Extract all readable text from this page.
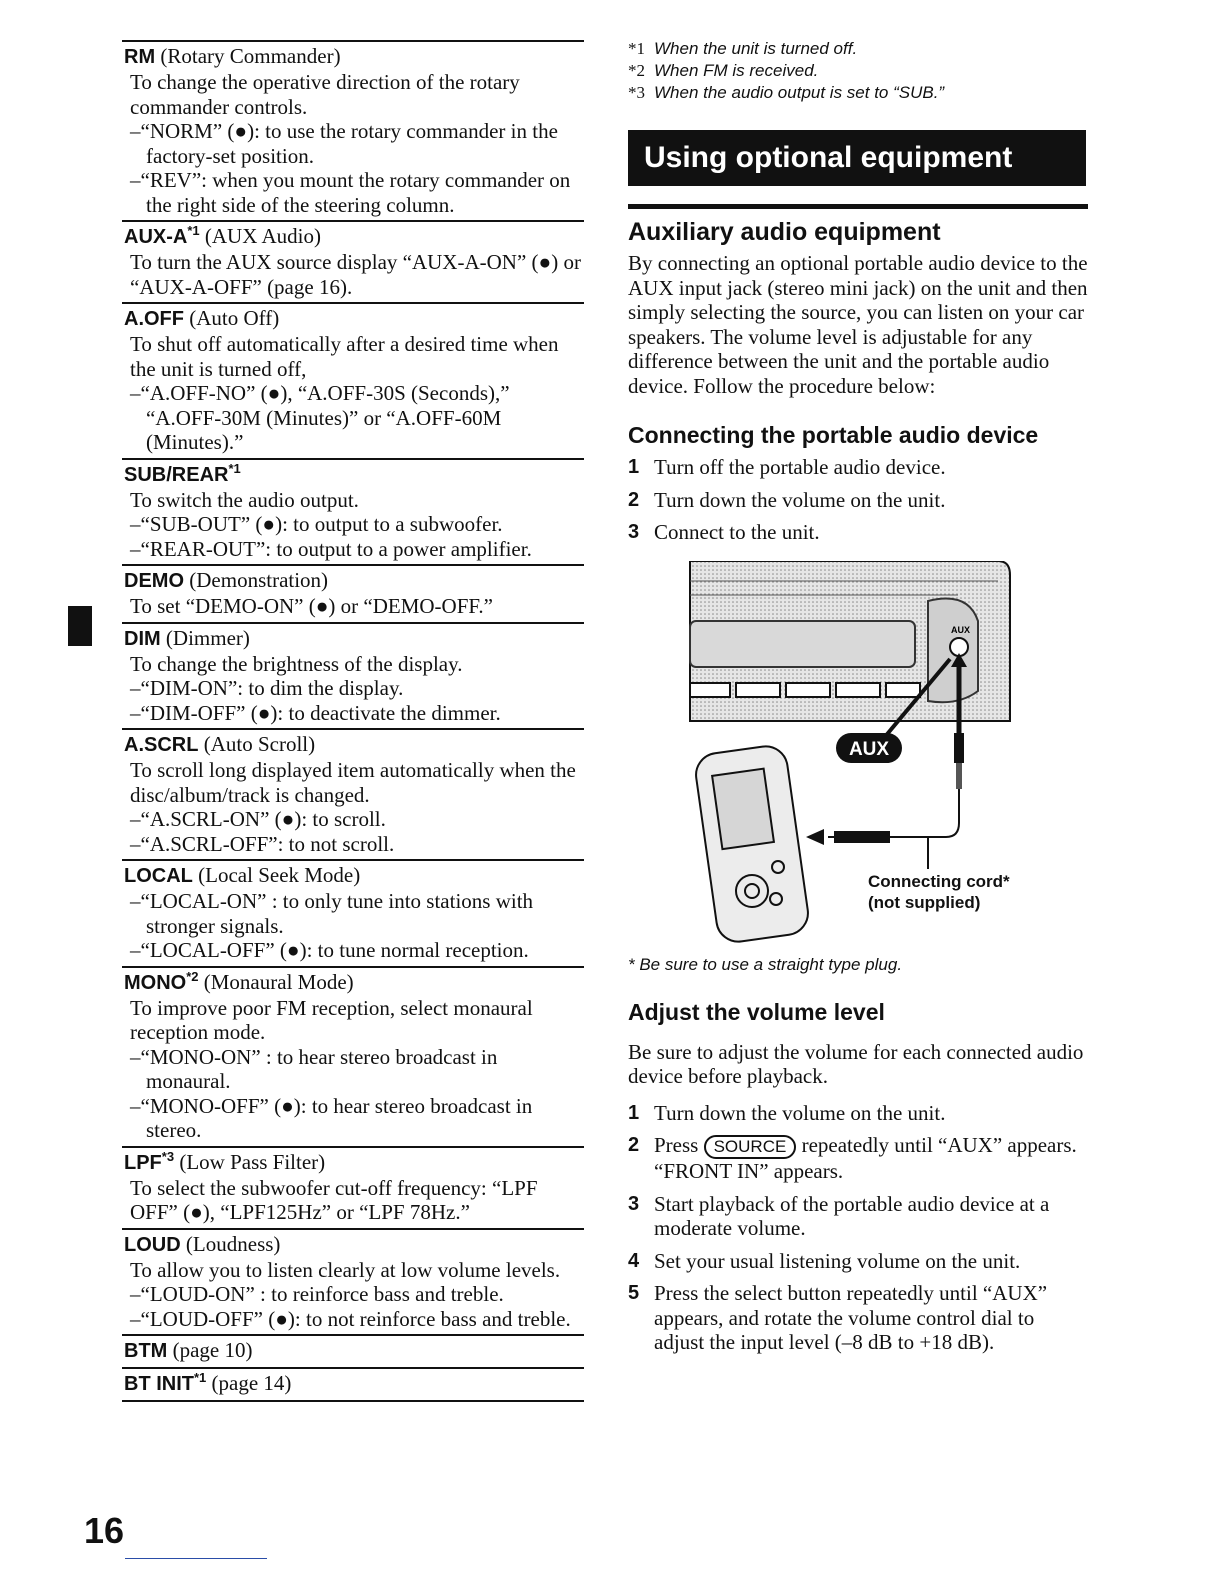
RM (Rotary Commander)
To change the operative direction of the rotary commander controls.
–“NORM” (●): to use the rotary commander in the factory-set position.
–“REV”: when you mount the rotary commander on the right side of the steering column.
AUX-$A^{*1}$ (AUX Audio)
To turn the AUX source display “AUX-A-ON” (●) or “AUX-A-OFF” (page 16).
A.OFF (Auto Off)
To shut off automatically after a desired time when the unit is turned off,
–“A.OFF-NO” (●), “A.OFF-30S (Seconds),” “A.OFF-30M (Minutes)” or “A.OFF-60M (Minutes).”
SUB/REAR$^{*1}$
To switch the audio output.
–“SUB-OUT” (●): to output to a subwoofer.
–“REAR-OUT”: to output to a power amplifier.
DEMO (Demonstration)
To set “DEMO-ON” (●) or “DEMO-OFF.”
DIM (Dimmer)
To change the brightness of the display.
–“DIM-ON”: to dim the display.
–“DIM-OFF” (●): to deactivate the dimmer.
A.SCRL (Auto Scroll)
To scroll long displayed item automatically when the disc/album/track is changed.
–“A.SCRL-ON” (●): to scroll.
–“A.SCRL-OFF”: to not scroll.
LOCAL (Local Seek Mode)
–“LOCAL-ON” : to only tune into stations with stronger signals.
–“LOCAL-OFF” (●): to tune normal reception.
MONO$^{*2}$ (Monaural Mode)
To improve poor FM reception, select monaural reception mode.
–“MONO-ON” : to hear stereo broadcast in monaural.
–“MONO-OFF” (●): to hear stereo broadcast in stereo.
LPF$^{*3}$ (Low Pass Filter)
To select the subwoofer cut-off frequency: “LPF OFF” (●), “LPF125Hz” or “LPF 78Hz.”
LOUD (Loudness)
To allow you to listen clearly at low volume levels.
–“LOUD-ON” : to reinforce bass and treble.
–“LOUD-OFF” (●): to not reinforce bass and treble.
BTM (page 10)
BT INIT$^{*1}$ (page 14)
16
*1 When the unit is turned off.
*2 When FM is received.
*3 When the audio output is set to “SUB.”
Using optional equipment
Auxiliary audio equipment
By connecting an optional portable audio device to the AUX input jack (stereo mini jack) on the unit and then simply selecting the source, you can listen on your car speakers. The volume level is adjustable for any difference between the unit and the portable audio device. Follow the procedure below:
Connecting the portable audio device
1 Turn off the portable audio device.
2 Turn down the volume on the unit.
3 Connect to the unit.
AUX
AUX
Connecting cord*
(not supplied)
* Be sure to use a straight type plug.
Adjust the volume level
Be sure to adjust the volume for each connected audio device before playback.
1 Turn down the volume on the unit.
2 Press SOURCE repeatedly until “AUX” appears.
“FRONT IN” appears.
3 Start playback of the portable audio device at a moderate volume.
4 Set your usual listening volume on the unit.
5 Press the select button repeatedly until “AUX” appears, and rotate the volume control dial to adjust the input level (–8 dB to +18 dB).
